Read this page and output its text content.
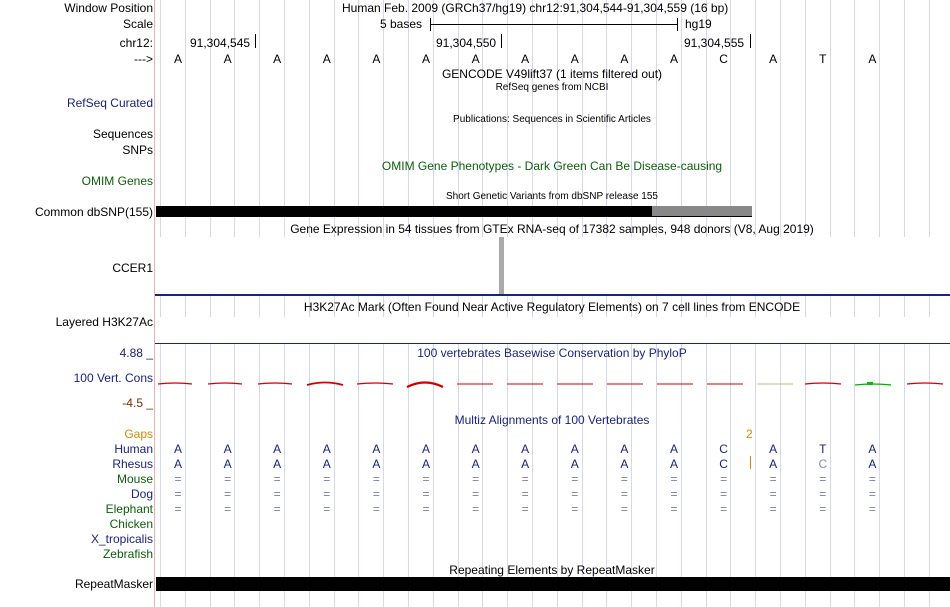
Window Position	Human Feb. 2009 (GRCh37/hg19) chr12:91,304,544-91,304,559 (16 bp)
Scale	5 bases	hg19
chr12:	91,304,545	91,304,550	91,304,555
---> A	A	A	A	A	A	A	A	A	A	A	C	A	T	A
GENCODE V49lift37 (1 items filtered out)
RefSeq genes from NCBI
RefSeq Curated
Publications: Sequences in Scientific Articles
Sequences
SNPs
OMIM Gene Phenotypes - Dark Green Can Be Disease-causing
OMIM Genes
Short Genetic Variants from dbSNP release 155
Common dbSNP(155)
Gene Expression in 54 tissues from GTEx RNA-seq of 17382 samples, 948 donors (V8, Aug 2019)
CCER1
H3K27Ac Mark (Often Found Near Active Regulatory Elements) on 7 cell lines from ENCODE
Layered H3K27Ac
4.88 _	100 vertebrates Basewise Conservation by PhyloP
100 Vert. Cons
-4.5 _
Multiz Alignments of 100 Vertebrates
Gaps	2
Human
Rhesus
Mouse
Dog
Elephant
Chicken
X_tropicalis
Zebrafish
A	A	A	A	A	A	A	A	A	A	A	C	A	T	A
A	A	A	A	A	A	A	A	A	A	A	C	A	C	A
=	=	=	=	=	=	=	=	=	=	=	=	=	=	=
=	=	=	=	=	=	=	=	=	=	=	=	=	=	=
=	=	=	=	=	=	=	=	=	=	=	=	=	=	=
Repeating Elements by RepeatMasker
RepeatMasker
